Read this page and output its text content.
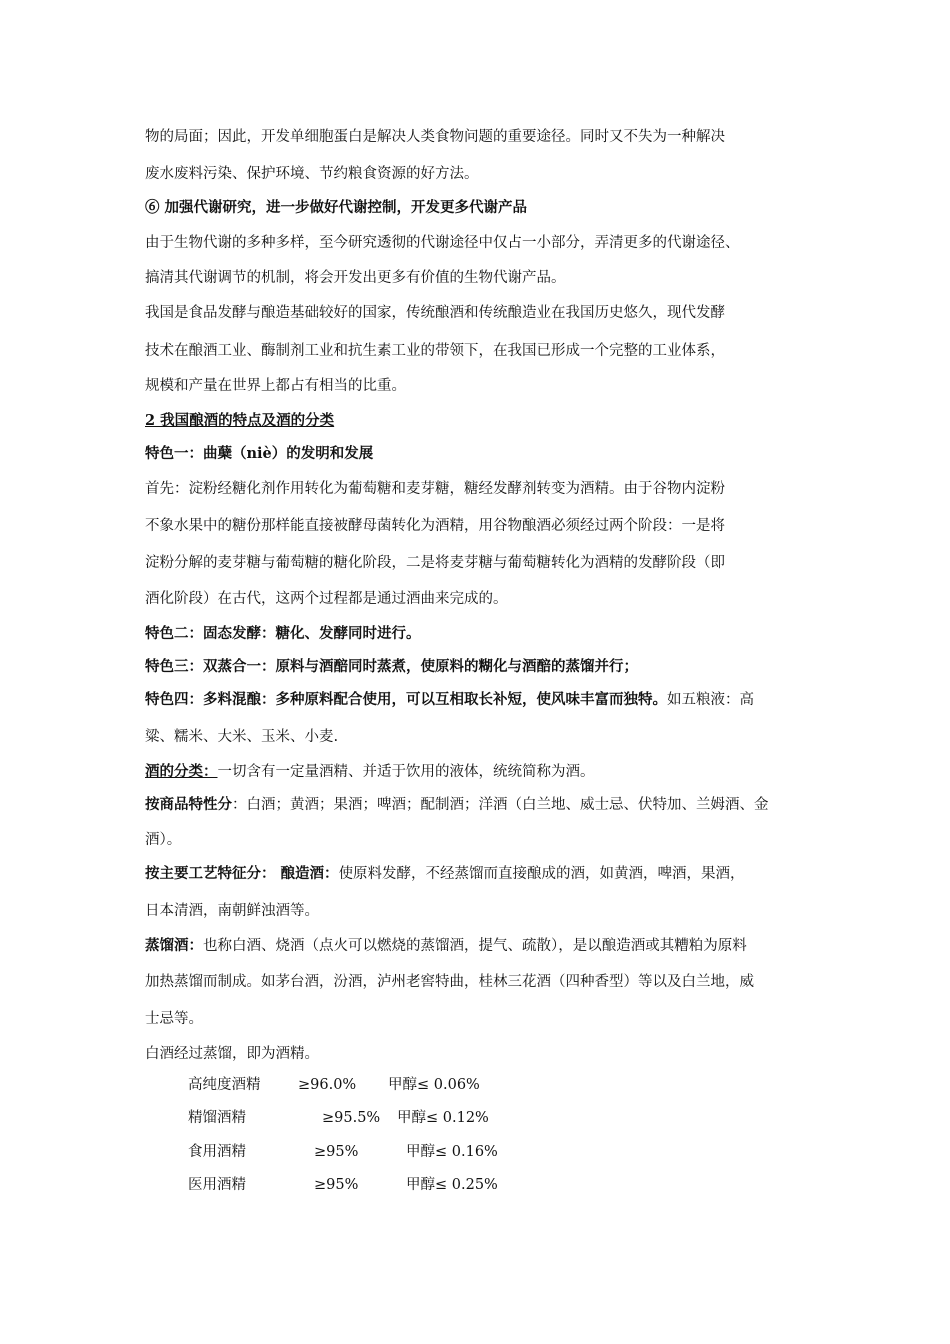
物的局面；因此，开发单细胞蛋白是解决人类食物问题的重要途径。同时又不失为一种解决
废水废料污染、保护环境、节约粮食资源的好方法。
⑥ 加强代谢研究，进一步做好代谢控制，开发更多代谢产品
由于生物代谢的多种多样，至今研究透彻的代谢途径中仅占一小部分，弄清更多的代谢途径、
搞清其代谢调节的机制，将会开发出更多有价值的生物代谢产品。
我国是食品发酵与酿造基础较好的国家，传统酿酒和传统酿造业在我国历史悠久，现代发酵
技术在酿酒工业、酶制剂工业和抗生素工业的带领下，在我国已形成一个完整的工业体系，
规模和产量在世界上都占有相当的比重。
2 我国酿酒的特点及酒的分类
特色一：曲蘖（niè）的发明和发展
首先：淀粉经糖化剂作用转化为葡萄糖和麦芽糖，糖经发酵剂转变为酒精。由于谷物内淀粉
不象水果中的糖份那样能直接被酵母菌转化为酒精，用谷物酿酒必须经过两个阶段：一是将
淀粉分解的麦芽糖与葡萄糖的糖化阶段，二是将麦芽糖与葡萄糖转化为酒精的发酵阶段（即
酒化阶段）在古代，这两个过程都是通过酒曲来完成的。
特色二：固态发酵：糖化、发酵同时进行。
特色三：双蒸合一：原料与酒醅同时蒸煮，使原料的糊化与酒醅的蒸馏并行；
特色四：多料混酿：多种原料配合使用，可以互相取长补短，使风味丰富而独特。如五粮液：高
粱、糯米、大米、玉米、小麦.
酒的分类：一切含有一定量酒精、并适于饮用的液体，统统简称为酒。
按商品特性分：白酒；黄酒；果酒；啤酒；配制酒；洋酒（白兰地、威士忌、伏特加、兰姆酒、金
酒）。
按主要工艺特征分： 酿造酒：使原料发酵，不经蒸馏而直接酿成的酒，如黄酒，啤酒，果酒，
日本清酒，南朝鲜浊酒等。
蒸馏酒：也称白酒、烧酒（点火可以燃烧的蒸馏酒，提气、疏散），是以酿造酒或其糟粕为原料
加热蒸馏而制成。如茅台酒，汾酒，泸州老窖特曲，桂林三花酒（四种香型）等以及白兰地，威
士忌等。
白酒经过蒸馏，即为酒精。
高纯度酒精	≥96.0% 甲醇≤ 0.06%
精馏酒精	≥95.5% 甲醇≤ 0.12%
食用酒精	≥95%	甲醇≤ 0.16%
医用酒精	≥95%	甲醇≤ 0.25%
